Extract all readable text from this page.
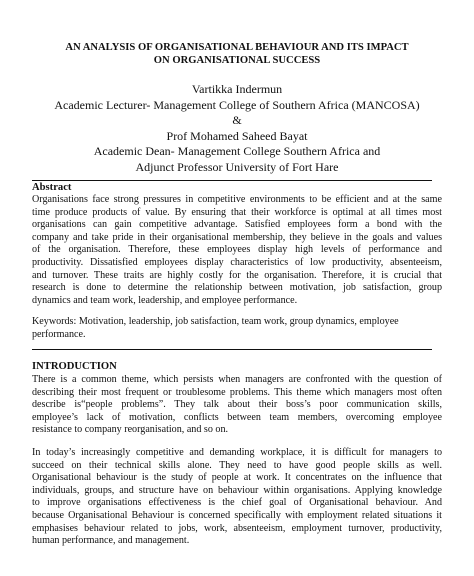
AN ANALYSIS OF ORGANISATIONAL BEHAVIOUR AND ITS IMPACT
ON ORGANISATIONAL SUCCESS
Vartikka Indermun
Academic Lecturer- Management College of Southern Africa (MANCOSA)
&
Prof Mohamed Saheed Bayat
Academic Dean- Management College Southern Africa and
Adjunct Professor University of Fort Hare
Abstract

Organisations face strong pressures in competitive environments to be efficient and at the same
time produce products of value. By ensuring that their workforce is optimal at all times most
organisations can gain competitive advantage. Satisfied employees form a bond with the
company and take pride in their organisational membership, they believe in the goals and values
of the organisation. Therefore, these employees display high levels of performance and
productivity. Dissatisfied employees display characteristics of low productivity, absenteeism,
and turnover. These traits are highly costly for the organisation. Therefore, it is crucial that
research is done to determine the relationship between motivation, job satisfaction, group
dynamics and team work, leadership, and employee performance.

Keywords: Motivation, leadership, job satisfaction, team work, group dynamics, employee
performance.

INTRODUCTION

There is a common theme, which persists when managers are confronted with the question of
describing their most frequent or troublesome problems. This theme which managers most often
describe is“people problems”. They talk about their boss’s poor communication skills,
employee’s lack of motivation, conflicts between team members, overcoming employee
resistance to company reorganisation, and so on.

In today’s increasingly competitive and demanding workplace, it is difficult for managers to
succeed on their technical skills alone. They need to have good people skills as well.
Organisational behaviour is the study of people at work. It concentrates on the influence that
individuals, groups, and structure have on behaviour within organisations. Applying knowledge
to improve organisations effectiveness is the chief goal of Organisational behaviour. And
because Organisational Behaviour is concerned specifically with employment related situations it
emphasises behaviour related to jobs, work, absenteeism, employment turnover, productivity,
human performance, and management.
